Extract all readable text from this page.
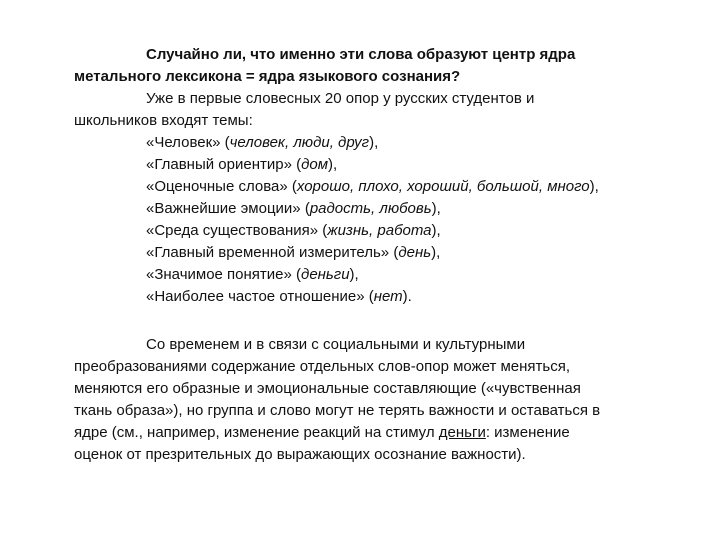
Случайно ли, что именно эти слова образуют центр ядра
метального лексикона = ядра языкового сознания?
Уже в первые словесных 20 опор у русских студентов и
школьников входят темы:
«Человек» (человек, люди, друг),
«Главный ориентир» (дом),
«Оценочные слова» (хорошо, плохо, хороший, большой, много),
«Важнейшие эмоции» (радость, любовь),
«Среда существования» (жизнь, работа),
«Главный временной измеритель» (день),
«Значимое понятие» (деньги),
«Наиболее частое отношение» (нет).
Со временем и в связи с социальными и культурными
преобразованиями содержание отдельных слов-опор может меняться,
меняются его образные и эмоциональные составляющие («чувственная
ткань образа»), но группа и слово могут не терять важности и оставаться в
ядре (см., например, изменение реакций на стимул деньги: изменение
оценок от презрительных до выражающих осознание важности).
